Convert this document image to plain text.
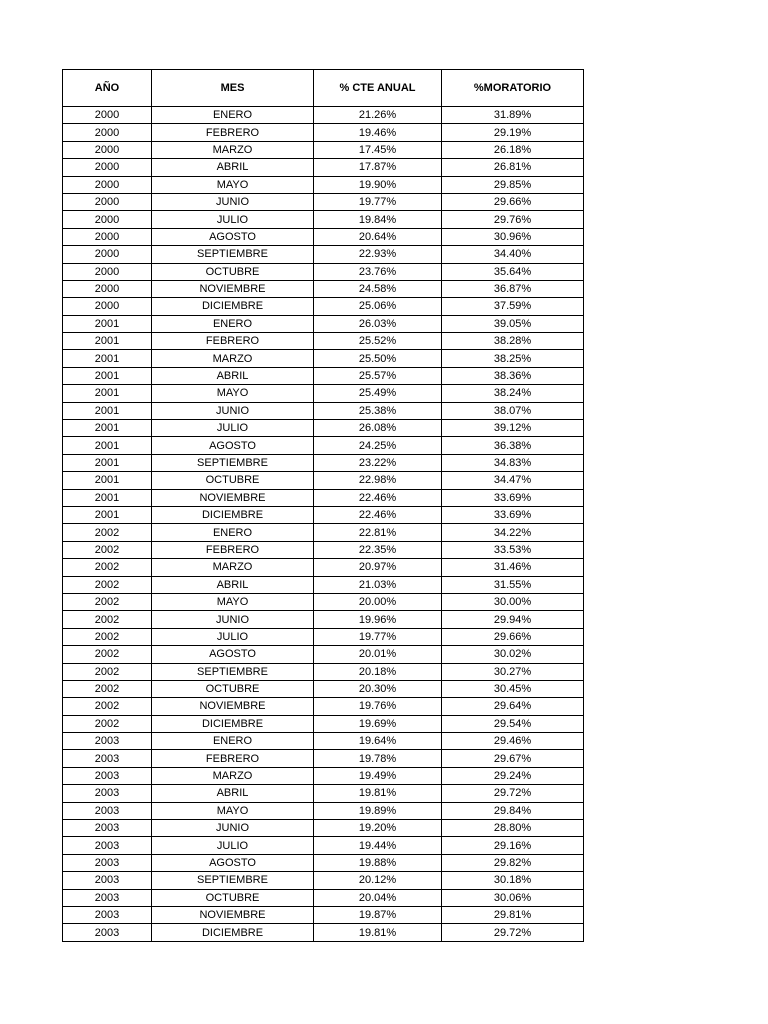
AÑO	MES	% CTE ANUAL	%MORATORIO
2000	ENERO	21.26%	31.89%
2000	FEBRERO	19.46%	29.19%
2000	MARZO	17.45%	26.18%
2000	ABRIL	17.87%	26.81%
2000	MAYO	19.90%	29.85%
2000	JUNIO	19.77%	29.66%
2000	JULIO	19.84%	29.76%
2000	AGOSTO	20.64%	30.96%
2000	SEPTIEMBRE	22.93%	34.40%
2000	OCTUBRE	23.76%	35.64%
2000	NOVIEMBRE	24.58%	36.87%
2000	DICIEMBRE	25.06%	37.59%
2001	ENERO	26.03%	39.05%
2001	FEBRERO	25.52%	38.28%
2001	MARZO	25.50%	38.25%
2001	ABRIL	25.57%	38.36%
2001	MAYO	25.49%	38.24%
2001	JUNIO	25.38%	38.07%
2001	JULIO	26.08%	39.12%
2001	AGOSTO	24.25%	36.38%
2001	SEPTIEMBRE	23.22%	34.83%
2001	OCTUBRE	22.98%	34.47%
2001	NOVIEMBRE	22.46%	33.69%
2001	DICIEMBRE	22.46%	33.69%
2002	ENERO	22.81%	34.22%
2002	FEBRERO	22.35%	33.53%
2002	MARZO	20.97%	31.46%
2002	ABRIL	21.03%	31.55%
2002	MAYO	20.00%	30.00%
2002	JUNIO	19.96%	29.94%
2002	JULIO	19.77%	29.66%
2002	AGOSTO	20.01%	30.02%
2002	SEPTIEMBRE	20.18%	30.27%
2002	OCTUBRE	20.30%	30.45%
2002	NOVIEMBRE	19.76%	29.64%
2002	DICIEMBRE	19.69%	29.54%
2003	ENERO	19.64%	29.46%
2003	FEBRERO	19.78%	29.67%
2003	MARZO	19.49%	29.24%
2003	ABRIL	19.81%	29.72%
2003	MAYO	19.89%	29.84%
2003	JUNIO	19.20%	28.80%
2003	JULIO	19.44%	29.16%
2003	AGOSTO	19.88%	29.82%
2003	SEPTIEMBRE	20.12%	30.18%
2003	OCTUBRE	20.04%	30.06%
2003	NOVIEMBRE	19.87%	29.81%
2003	DICIEMBRE	19.81%	29.72%
